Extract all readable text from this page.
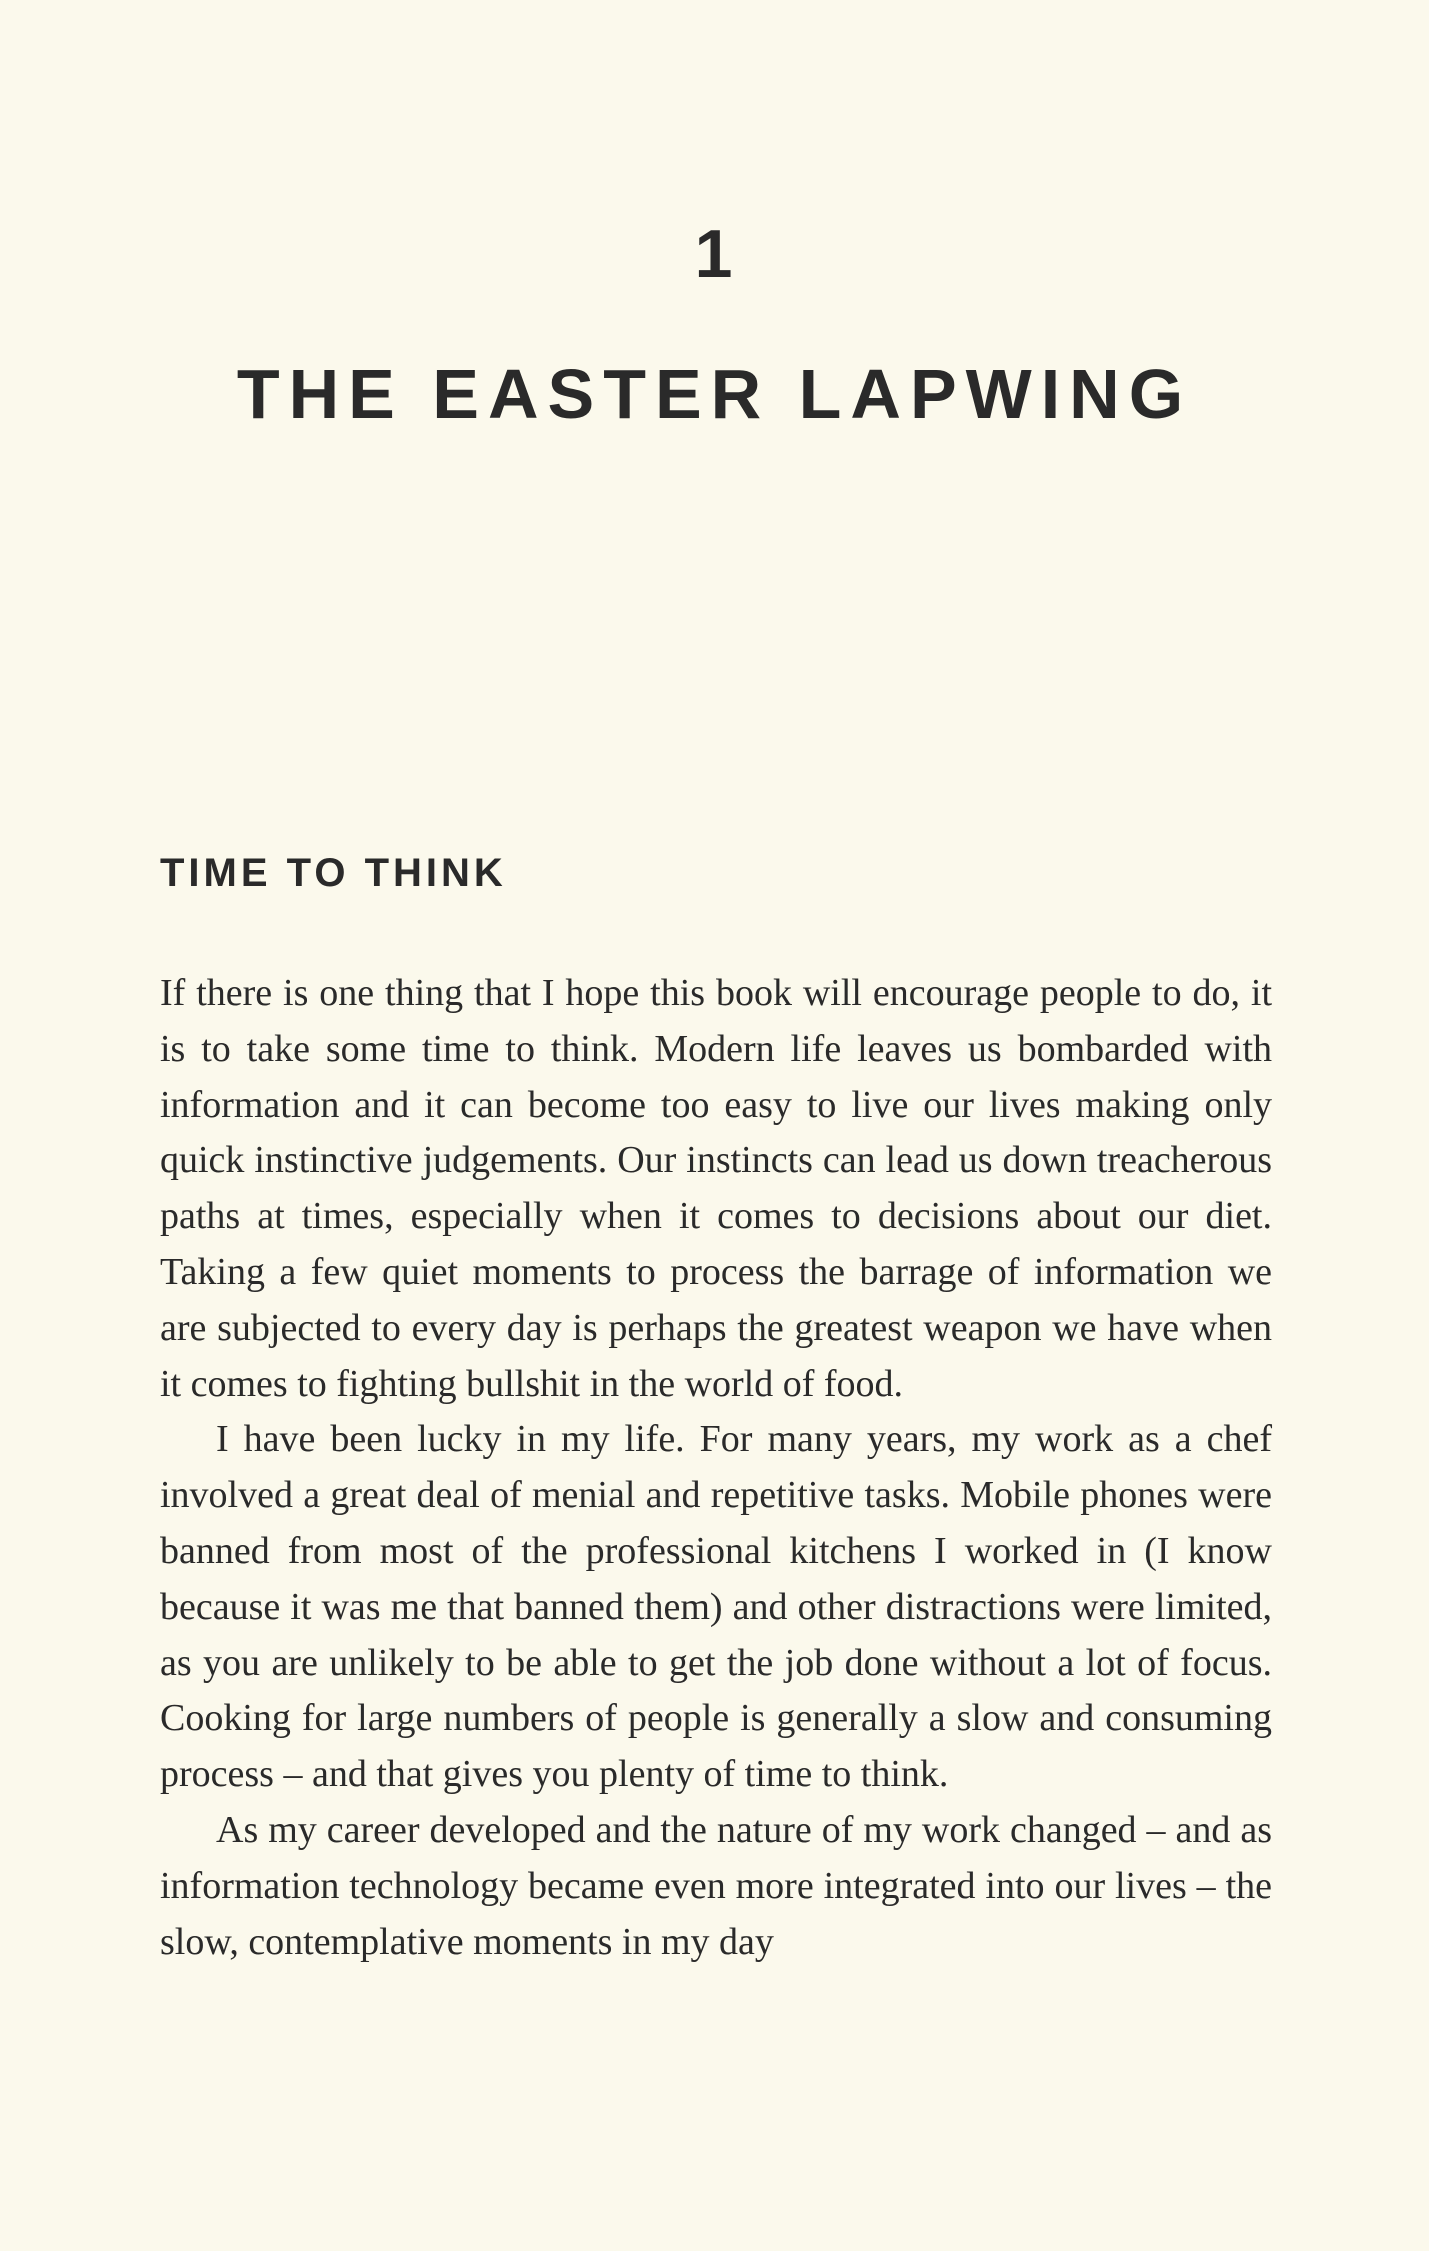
1
THE EASTER LAPWING
TIME TO THINK

If there is one thing that I hope this book will encourage people to do, it is to take some time to think. Modern life leaves us bombarded with information and it can become too easy to live our lives making only quick instinctive judgements. Our instincts can lead us down treacherous paths at times, especially when it comes to decisions about our diet. Taking a few quiet moments to process the barrage of information we are subjected to every day is perhaps the greatest weapon we have when it comes to fighting bullshit in the world of food.

I have been lucky in my life. For many years, my work as a chef involved a great deal of menial and repetitive tasks. Mobile phones were banned from most of the professional kitchens I worked in (I know because it was me that banned them) and other distractions were limited, as you are unlikely to be able to get the job done without a lot of focus. Cooking for large numbers of people is generally a slow and consuming process – and that gives you plenty of time to think.

As my career developed and the nature of my work changed – and as information technology became even more integrated into our lives – the slow, contemplative moments in my day
